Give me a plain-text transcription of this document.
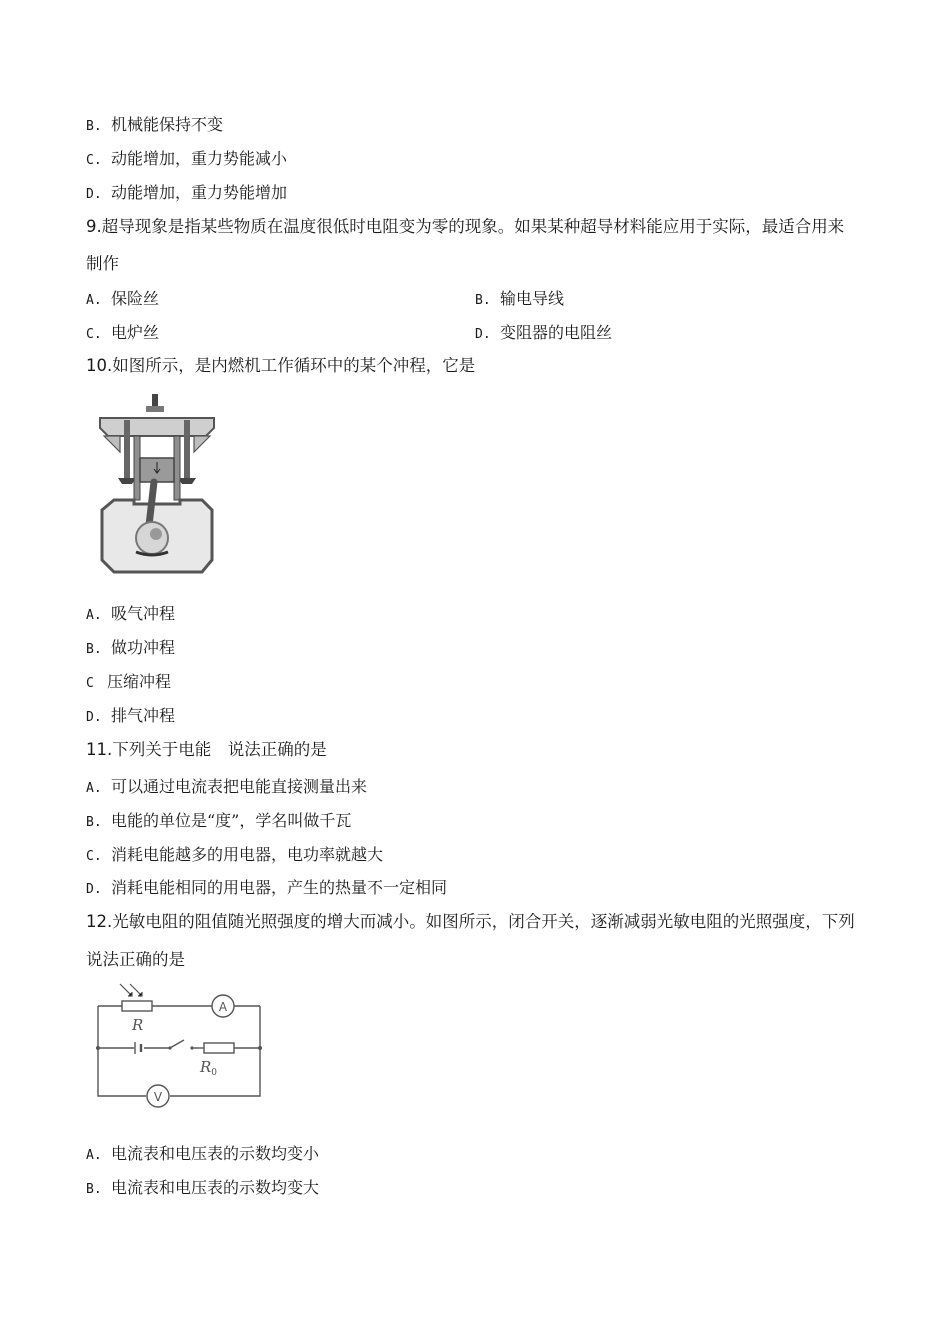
B. 机械能保持不变
C. 动能增加，重力势能减小
D. 动能增加，重力势能增加
9.超导现象是指某些物质在温度很低时电阻变为零的现象。如果某种超导材料能应用于实际，最适合用来
制作
A. 保险丝	B. 输电导线
C. 电炉丝	D. 变阻器的电阻丝
10.如图所示，是内燃机工作循环中的某个冲程，它是
A. 吸气冲程
B. 做功冲程
C 压缩冲程
D. 排气冲程
11.下列关于电能　说法正确的是
A. 可以通过电流表把电能直接测量出来
B. 电能的单位是“度”，学名叫做千瓦
C. 消耗电能越多的用电器，电功率就越大
D. 消耗电能相同的用电器，产生的热量不一定相同
12.光敏电阻的阻值随光照强度的增大而减小。如图所示，闭合开关，逐渐减弱光敏电阻的光照强度，下列
说法正确的是
R
A
$R_0$
V
A. 电流表和电压表的示数均变小
B. 电流表和电压表的示数均变大
